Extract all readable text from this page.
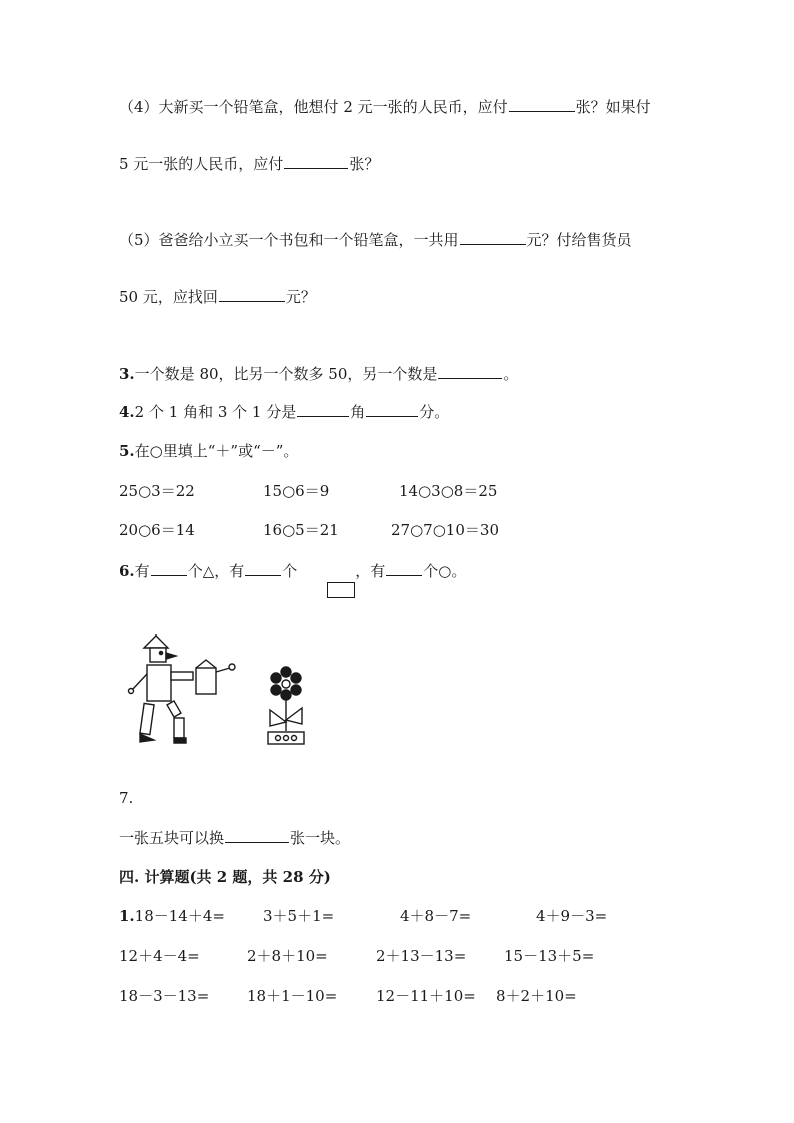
（4）大新买一个铅笔盒，他想付 2 元一张的人民币，应付	张？如果付
5 元一张的人民币，应付	张？
（5）爸爸给小立买一个书包和一个铅笔盒，一共用	元？付给售货员
50 元，应找回	元？
3.一个数是 80，比另一个数多 50，另一个数是	。
4.2 个 1 角和 3 个 1 分是	角	分。
5.在○里填上“＋”或“－”。
25○3＝22	15○6＝9	14○3○8＝25
20○6＝14	16○5＝21	27○7○10＝30
6.有	个△，有	个	，有	个○。
7.
一张五块可以换	张一块。
四. 计算题(共 2 题，共 28 分)
1.18－14＋4=	3＋5＋1=	4＋8－7=	4＋9－3=
12＋4－4=	2＋8＋10=	2＋13－13=	15－13＋5=
18－3－13=	18＋1－10=	12－11＋10= 8＋2＋10=
